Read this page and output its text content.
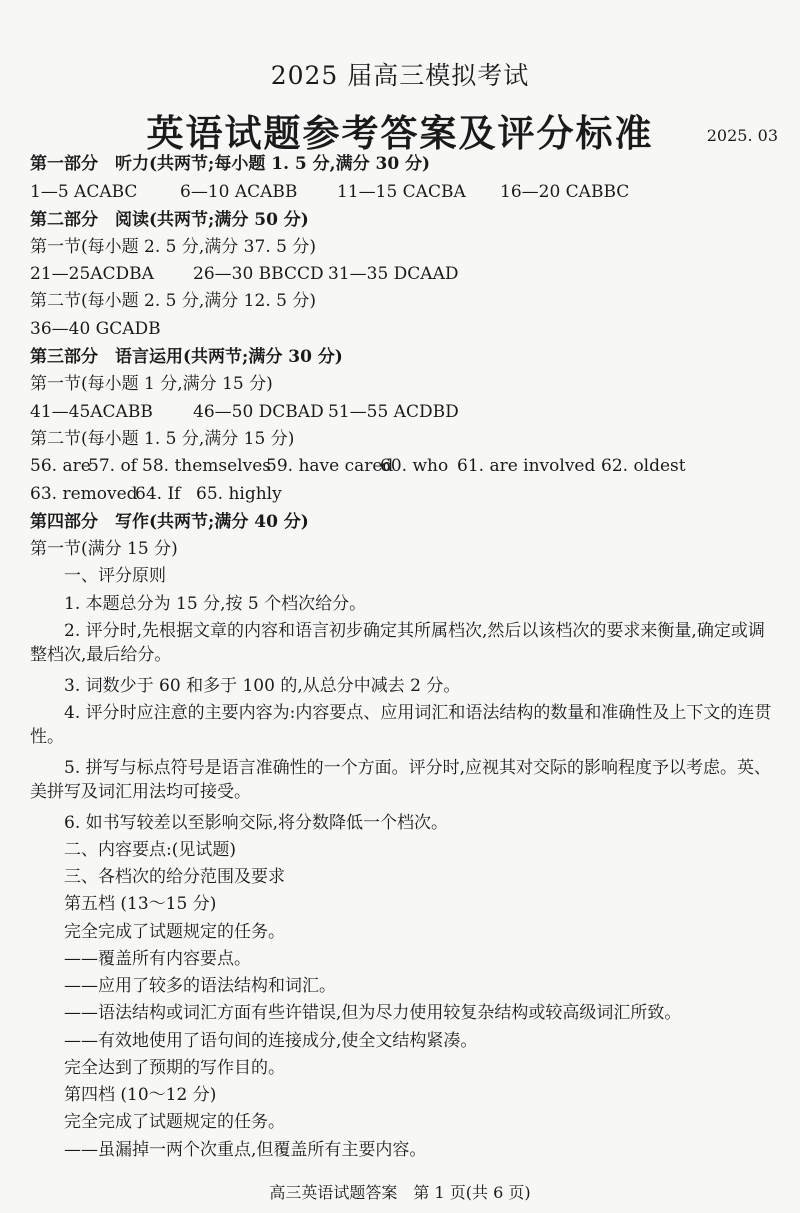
2025 届高三模拟考试
英语试题参考答案及评分标准	2025. 03
第一部分　听力(共两节;每小题 1. 5 分,满分 30 分)
1—5 ACABC	6—10 ACABB 11—15 CACBA 16—20 CABBC
第二部分　阅读(共两节;满分 50 分)
第一节(每小题 2. 5 分,满分 37. 5 分)
21—25ACDBA 26—30 BBCCD 31—35 DCAAD
第二节(每小题 2. 5 分,满分 12. 5 分)
36—40 GCADB
第三部分　语言运用(共两节;满分 30 分)
第一节(每小题 1 分,满分 15 分)
41—45ACABB 46—50 DCBAD 51—55 ACDBD
第二节(每小题 1. 5 分,满分 15 分)
56. are57. of 58. themselves59. have cared60. who 61. are involved 62. oldest
63. removed64. If 65. highly
第四部分　写作(共两节;满分 40 分)
第一节(满分 15 分)
一、评分原则
1. 本题总分为 15 分,按 5 个档次给分。
2. 评分时,先根据文章的内容和语言初步确定其所属档次,然后以该档次的要求来衡量,确定或调整档次,最后给分。
3. 词数少于 60 和多于 100 的,从总分中减去 2 分。
4. 评分时应注意的主要内容为:内容要点、应用词汇和语法结构的数量和准确性及上下文的连贯性。
5. 拼写与标点符号是语言准确性的一个方面。评分时,应视其对交际的影响程度予以考虑。英、美拼写及词汇用法均可接受。
6. 如书写较差以至影响交际,将分数降低一个档次。
二、内容要点:(见试题)
三、各档次的给分范围及要求
第五档 (13～15 分)
完全完成了试题规定的任务。
——覆盖所有内容要点。
——应用了较多的语法结构和词汇。
——语法结构或词汇方面有些许错误,但为尽力使用较复杂结构或较高级词汇所致。
——有效地使用了语句间的连接成分,使全文结构紧凑。
完全达到了预期的写作目的。
第四档 (10～12 分)
完全完成了试题规定的任务。
——虽漏掉一两个次重点,但覆盖所有主要内容。
高三英语试题答案　第 1 页(共 6 页)
